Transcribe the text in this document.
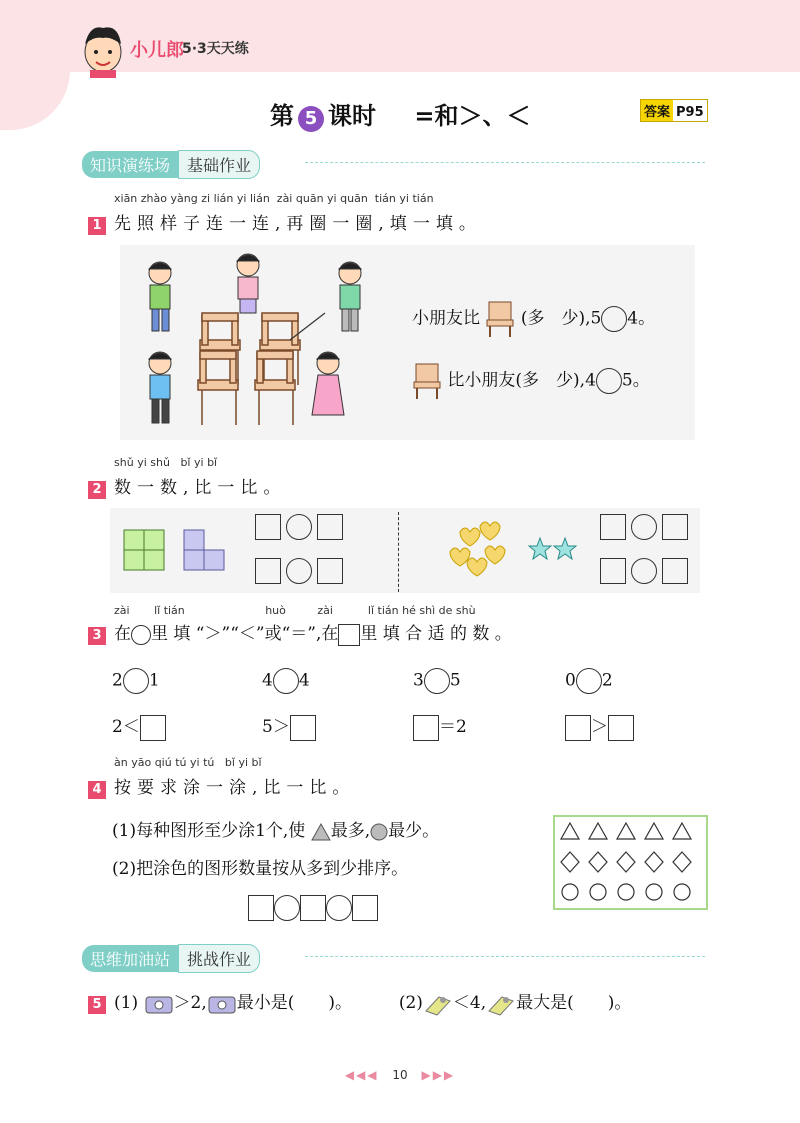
小儿郎
5·3天天练
第 5 课时 =和＞、＜	答案 P95
知识演练场 基础作业
xiān zhào yàng zi lián yi lián zài quān yi quān tián yi tián
1 先照样子连一连,再圈一圈,填一填。
小朋友比 (多　少),5 4。
比小朋友(多　少),4 5。
shǔ yi shǔ bǐ yi bǐ
2 数一数,比一比。

zài lǐ tián	huò	zài	lǐ tián hé shì de shù
3 在 里 填 “＞”“＜”或“＝”,在 里 填 合 适 的 数 。
2 1	4 4	3 5	0 2
2＜	5＞	＝2	＞
àn yāo qiú tú yi tú bǐ yi bǐ
4 按要求涂一涂,比一比。
(1)每种图形至少涂1个,使 最多, 最少。
(2)把涂色的图形数量按从多到少排序。
思维加油站 挑战作业
5 (1) ＞2, 最小是(　　)。	(2) ＜4, 最大是(　　)。
◀◀◀ 10 ▶▶▶
